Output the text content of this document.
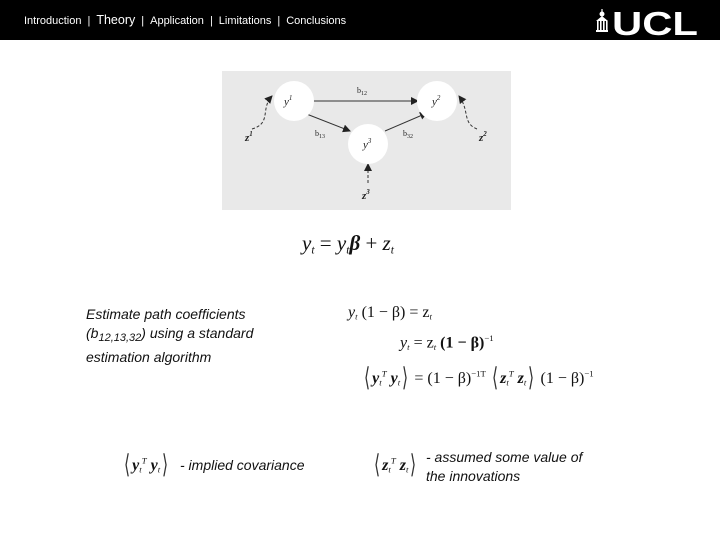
Introduction | Theory | Application | Limitations | Conclusions	UCL
$y^1$	$y^2$
$y^3$
$b_{12}$
$b_{13}$	$b_{32}$
$z^1$	$z^2$
$z^3$
$y_t = y_t\beta + z_t$
Estimate path coefficients
$(b_{12,13,32})$ using a standard
estimation algorithm
$y_t$ $(1 - \beta) = z_t$
$y_t = z_t$ $(1 - \beta)^{-1}$
⟨ $y_t^T$ $y_t⟩ = (1 - \beta)^{-1T}$ ⟨ $z_t^T$ $z_t⟩$ $(1 - \beta)^{-1}$
⟨ $y_t^T$ $y_t⟩$ - implied covariance	⟨ $z_t^T$ $z_t⟩$ - assumed some value of
the innovations
